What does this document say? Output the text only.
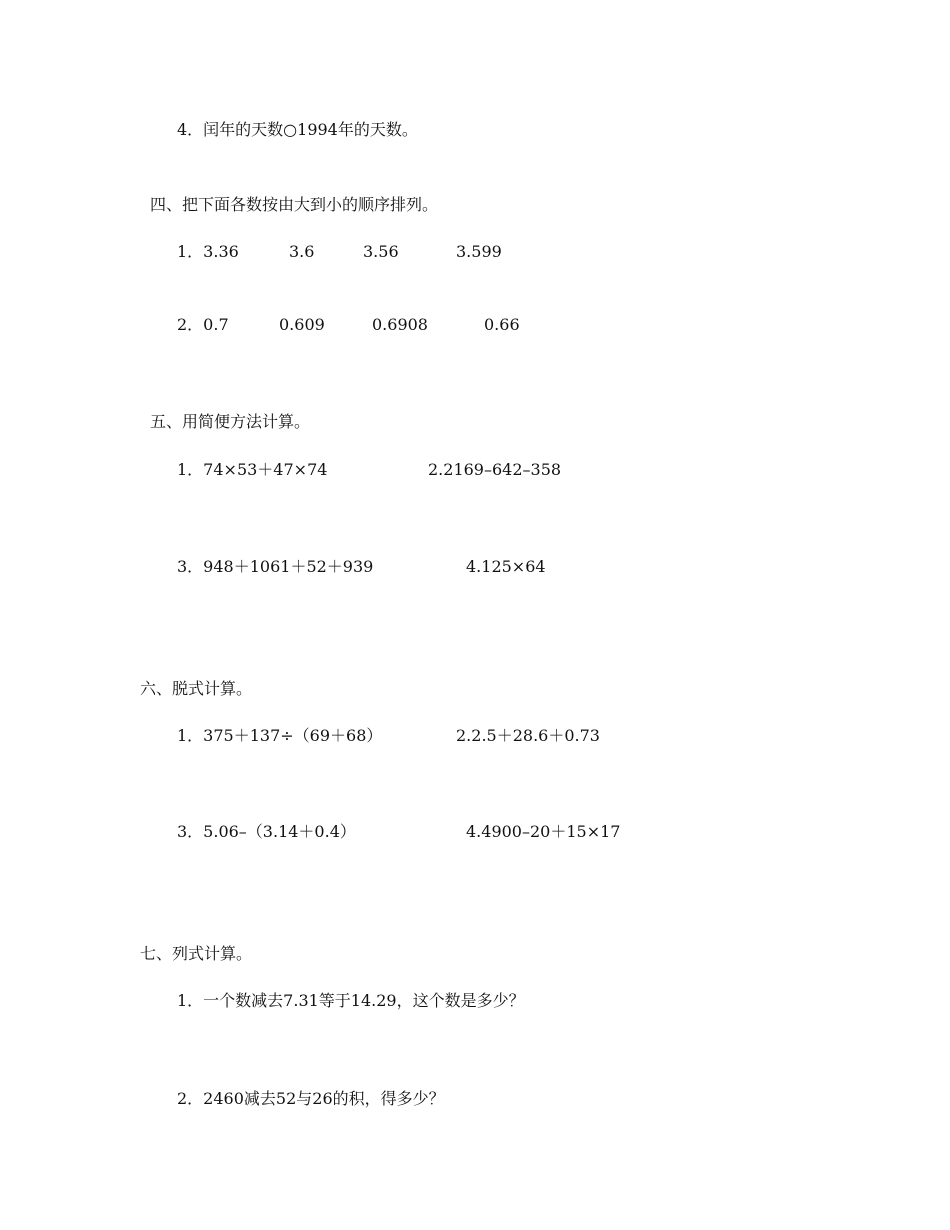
4．闰年的天数○1994年的天数。

四、把下面各数按由大到小的顺序排列。

1．3.36	3.6	3.56	3.599

2．0.7	0.609	0.6908	0.66

五、用简便方法计算。

1．74×53＋47×74	2.2169–642–358

3．948＋1061＋52＋939	4.125×64

六、脱式计算。

1．375＋137÷（69＋68）	2.2.5＋28.6＋0.73

3．5.06–（3.14＋0.4）	4.4900–20＋15×17

七、列式计算。

1．一个数减去7.31等于14.29，这个数是多少？

2．2460减去52与26的积，得多少？
